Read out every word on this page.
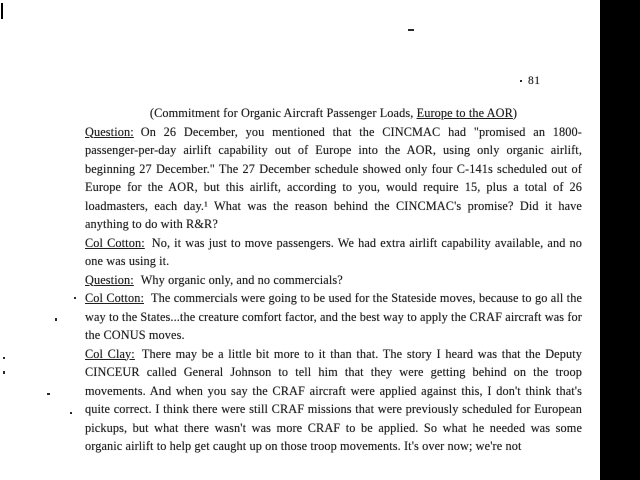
81
(Commitment for Organic Aircraft Passenger Loads, Europe to the AOR)

Question: On 26 December, you mentioned that the CINCMAC had "promised an 1800-passenger-per-day airlift capability out of Europe into the AOR, using only organic airlift, beginning 27 December." The 27 December schedule showed only four C-141s scheduled out of Europe for the AOR, but this airlift, according to you, would require 15, plus a total of 26 loadmasters, each day.¹ What was the reason behind the CINCMAC's promise? Did it have anything to do with R&R?

Col Cotton: No, it was just to move passengers. We had extra airlift capability available, and no one was using it.

Question: Why organic only, and no commercials?

Col Cotton: The commercials were going to be used for the Stateside moves, because to go all the way to the States...the creature comfort factor, and the best way to apply the CRAF aircraft was for the CONUS moves.

Col Clay: There may be a little bit more to it than that. The story I heard was that the Deputy CINCEUR called General Johnson to tell him that they were getting behind on the troop movements. And when you say the CRAF aircraft were applied against this, I don't think that's quite correct. I think there were still CRAF missions that were previously scheduled for European pickups, but what there wasn't was more CRAF to be applied. So what he needed was some organic airlift to help get caught up on those troop movements. It's over now; we're not
